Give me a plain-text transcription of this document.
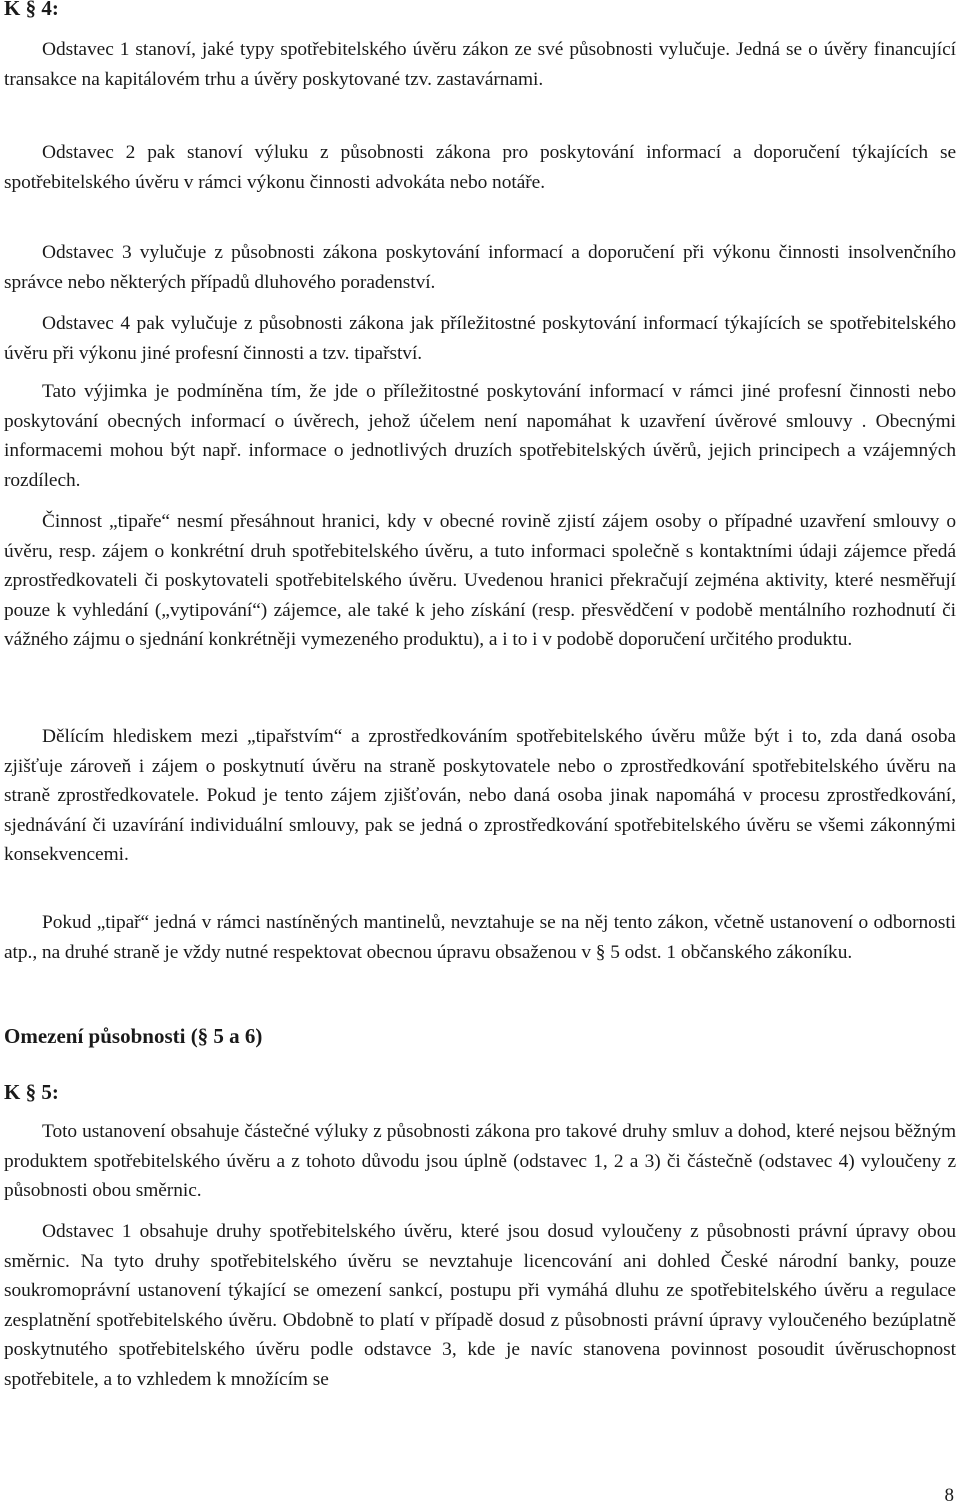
K § 4:

Odstavec 1 stanoví, jaké typy spotřebitelského úvěru zákon ze své působnosti vylučuje. Jedná se o úvěry financující transakce na kapitálovém trhu a úvěry poskytované tzv. zastavárnami.

Odstavec 2 pak stanoví výluku z působnosti zákona pro poskytování informací a doporučení týkajících se spotřebitelského úvěru v rámci výkonu činnosti advokáta nebo notáře.

Odstavec 3 vylučuje z působnosti zákona poskytování informací a doporučení při výkonu činnosti insolvenčního správce nebo některých případů dluhového poradenství.

Odstavec 4 pak vylučuje z působnosti zákona jak příležitostné poskytování informací týkajících se spotřebitelského úvěru při výkonu jiné profesní činnosti a tzv. tipařství.

Tato výjimka je podmíněna tím, že jde o příležitostné poskytování informací v rámci jiné profesní činnosti nebo poskytování obecných informací o úvěrech, jehož účelem není napomáhat k uzavření úvěrové smlouvy . Obecnými informacemi mohou být např. informace o jednotlivých druzích spotřebitelských úvěrů, jejich principech a vzájemných rozdílech.

Činnost „tipaře“ nesmí přesáhnout hranici, kdy v obecné rovině zjistí zájem osoby o případné uzavření smlouvy o úvěru, resp. zájem o konkrétní druh spotřebitelského úvěru, a tuto informaci společně s kontaktními údaji zájemce předá zprostředkovateli či poskytovateli spotřebitelského úvěru. Uvedenou hranici překračují zejména aktivity, které nesměřují pouze k vyhledání („vytipování“) zájemce, ale také k jeho získání (resp. přesvědčení v podobě mentálního rozhodnutí či vážného zájmu o sjednání konkrétněji vymezeného produktu), a i to i v podobě doporučení určitého produktu.

Dělícím hlediskem mezi „tipařstvím“ a zprostředkováním spotřebitelského úvěru může být i to, zda daná osoba zjišťuje zároveň i zájem o poskytnutí úvěru na straně poskytovatele nebo o zprostředkování spotřebitelského úvěru na straně zprostředkovatele. Pokud je tento zájem zjišťován, nebo daná osoba jinak napomáhá v procesu zprostředkování, sjednávání či uzavírání individuální smlouvy, pak se jedná o zprostředkování spotřebitelského úvěru se všemi zákonnými konsekvencemi.

Pokud „tipař“ jedná v rámci nastíněných mantinelů, nevztahuje se na něj tento zákon, včetně ustanovení o odbornosti atp., na druhé straně je vždy nutné respektovat obecnou úpravu obsaženou v § 5 odst. 1 občanského zákoníku.

Omezení působnosti (§ 5 a 6)
K § 5:

Toto ustanovení obsahuje částečné výluky z působnosti zákona pro takové druhy smluv a dohod, které nejsou běžným produktem spotřebitelského úvěru a z tohoto důvodu jsou úplně (odstavec 1, 2 a 3) či částečně (odstavec 4) vyloučeny z působnosti obou směrnic.

Odstavec 1 obsahuje druhy spotřebitelského úvěru, které jsou dosud vyloučeny z působnosti právní úpravy obou směrnic. Na tyto druhy spotřebitelského úvěru se nevztahuje licencování ani dohled České národní banky, pouze soukromoprávní ustanovení týkající se omezení sankcí, postupu při vymáhá dluhu ze spotřebitelského úvěru a regulace zesplatnění spotřebitelského úvěru. Obdobně to platí v případě dosud z působnosti právní úpravy vyloučeného bezúplatně poskytnutého spotřebitelského úvěru podle odstavce 3, kde je navíc stanovena povinnost posoudit úvěruschopnost spotřebitele, a to vzhledem k množícím se

8
